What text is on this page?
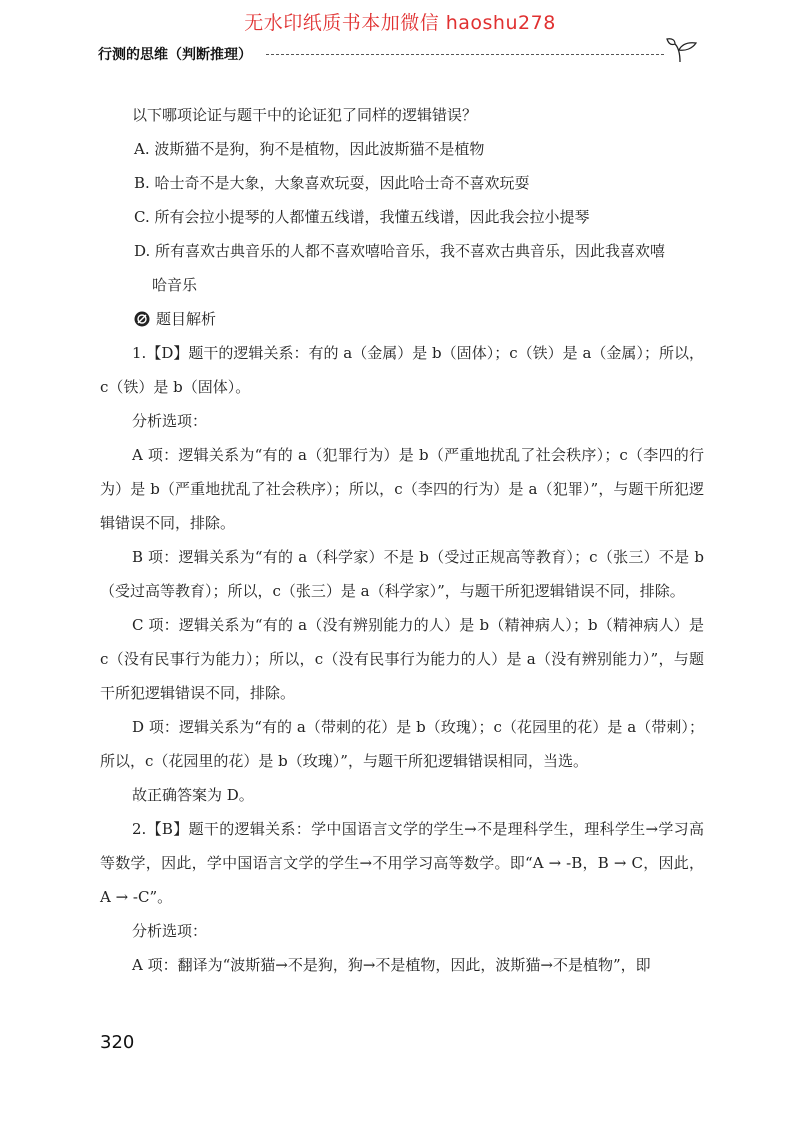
无水印纸质书本加微信 haoshu278
行测的思维（判断推理）

以下哪项论证与题干中的论证犯了同样的逻辑错误？

A. 波斯猫不是狗，狗不是植物，因此波斯猫不是植物

B. 哈士奇不是大象，大象喜欢玩耍，因此哈士奇不喜欢玩耍

C. 所有会拉小提琴的人都懂五线谱，我懂五线谱，因此我会拉小提琴

D. 所有喜欢古典音乐的人都不喜欢嘻哈音乐，我不喜欢古典音乐，因此我喜欢嘻

哈音乐

题目解析

1.【D】题干的逻辑关系：有的 a（金属）是 b（固体）；c（铁）是 a（金属）；所以，c（铁）是 b（固体）。

分析选项：

A 项：逻辑关系为“有的 a（犯罪行为）是 b（严重地扰乱了社会秩序）；c（李四的行为）是 b（严重地扰乱了社会秩序）；所以，c（李四的行为）是 a（犯罪）”，与题干所犯逻辑错误不同，排除。

B 项：逻辑关系为“有的 a（科学家）不是 b（受过正规高等教育）；c（张三）不是 b（受过高等教育）；所以，c（张三）是 a（科学家）”，与题干所犯逻辑错误不同，排除。

C 项：逻辑关系为“有的 a（没有辨别能力的人）是 b（精神病人）；b（精神病人）是 c（没有民事行为能力）；所以，c（没有民事行为能力的人）是 a（没有辨别能力）”，与题干所犯逻辑错误不同，排除。

D 项：逻辑关系为“有的 a（带刺的花）是 b（玫瑰）；c（花园里的花）是 a（带刺）；所以，c（花园里的花）是 b（玫瑰）”，与题干所犯逻辑错误相同，当选。

故正确答案为 D。

2.【B】题干的逻辑关系：学中国语言文学的学生→不是理科学生，理科学生→学习高等数学，因此，学中国语言文学的学生→不用学习高等数学。即“A → -B，B → C，因此，A → -C”。

分析选项：

A 项：翻译为“波斯猫→不是狗，狗→不是植物，因此，波斯猫→不是植物”，即

320
